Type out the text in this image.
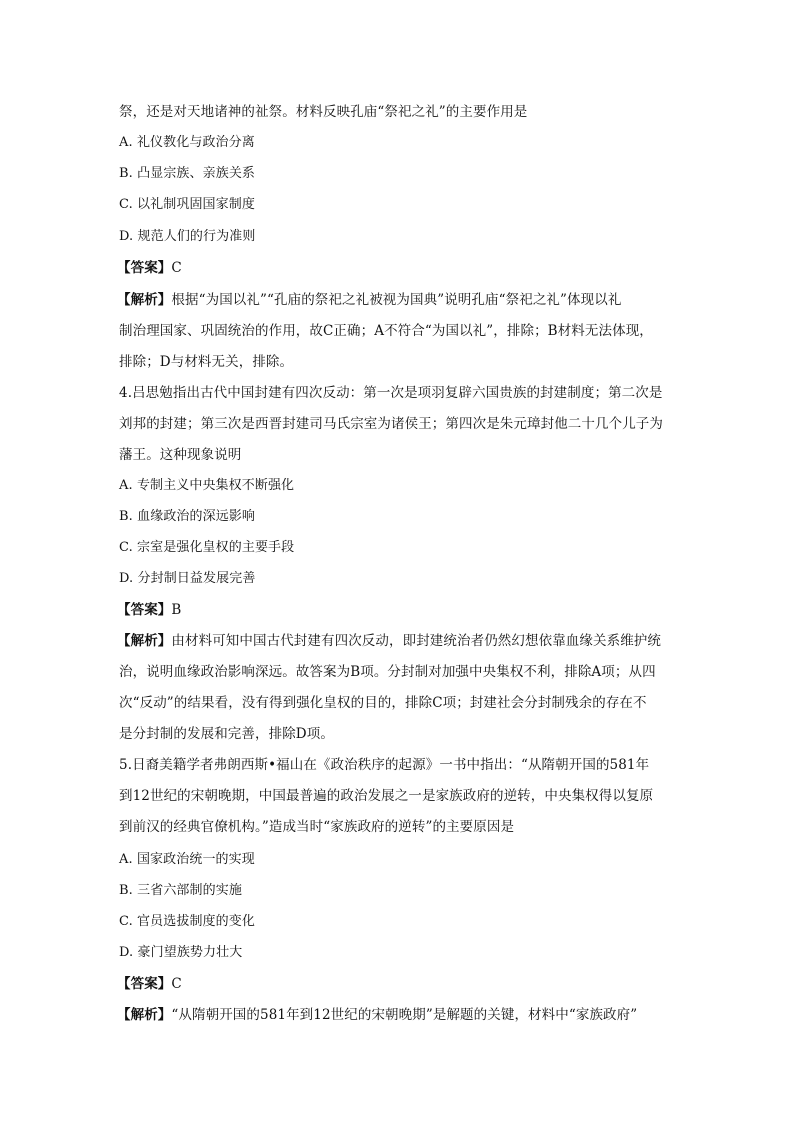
祭，还是对天地诸神的祉祭。材料反映孔庙“祭祀之礼”的主要作用是
A. 礼仪教化与政治分离
B. 凸显宗族、亲族关系
C. 以礼制巩固国家制度
D. 规范人们的行为准则
【答案】C
【解析】根据“为国以礼”“孔庙的祭祀之礼被视为国典”说明孔庙“祭祀之礼”体现以礼
制治理国家、巩固统治的作用，故C正确；A不符合“为国以礼”，排除；B材料无法体现，
排除；D与材料无关，排除。
4.吕思勉指出古代中国封建有四次反动：第一次是项羽复辟六国贵族的封建制度；第二次是
刘邦的封建；第三次是西晋封建司马氏宗室为诸侯王；第四次是朱元璋封他二十几个儿子为
藩王。这种现象说明
A. 专制主义中央集权不断强化
B. 血缘政治的深远影响
C. 宗室是强化皇权的主要手段
D. 分封制日益发展完善
【答案】B
【解析】由材料可知中国古代封建有四次反动，即封建统治者仍然幻想依靠血缘关系维护统
治，说明血缘政治影响深远。故答案为B项。分封制对加强中央集权不利，排除A项；从四
次“反动”的结果看，没有得到强化皇权的目的，排除C项；封建社会分封制残余的存在不
是分封制的发展和完善，排除D项。
5.日裔美籍学者弗朗西斯•福山在《政治秩序的起源》一书中指出：“从隋朝开国的581年
到12世纪的宋朝晚期，中国最普遍的政治发展之一是家族政府的逆转，中央集权得以复原
到前汉的经典官僚机构。”造成当时“家族政府的逆转”的主要原因是
A. 国家政治统一的实现
B. 三省六部制的实施
C. 官员选拔制度的变化
D. 豪门望族势力壮大
【答案】C
【解析】“从隋朝开国的581年到12世纪的宋朝晚期”是解题的关键，材料中“家族政府”
